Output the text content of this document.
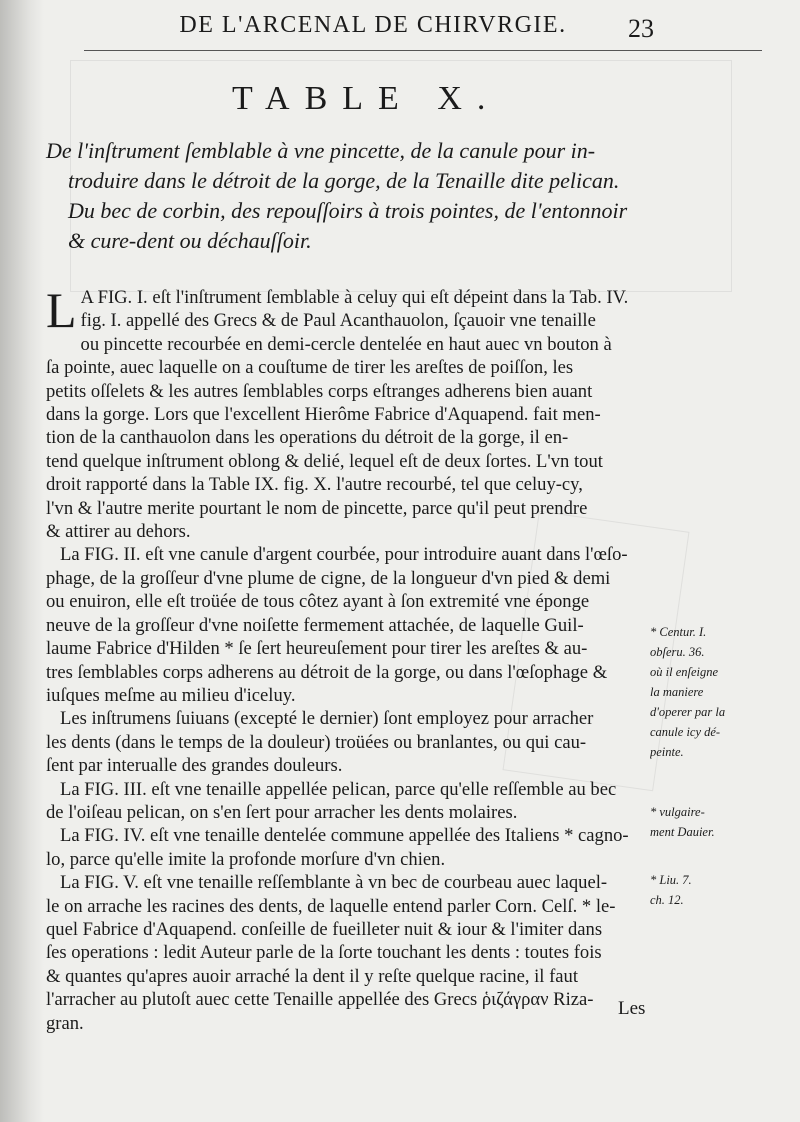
DE L'ARCENAL DE CHIRVRGIE.	23
TABLE X.

De l'inſtrument ſemblable à vne pincette, de la canule pour in-
troduire dans le détroit de la gorge, de la Tenaille dite pelican.
Du bec de corbin, des repouſſoirs à trois pointes, de l'entonnoir
& cure-dent ou déchauſſoir.

L A FIG. I. eſt l'inſtrument ſemblable à celuy qui eſt dépeint dans la Tab. IV.
fig. I. appellé des Grecs & de Paul Acanthauolon, ſçauoir vne tenaille
ou pincette recourbée en demi-cercle dentelée en haut auec vn bouton à
ſa pointe, auec laquelle on a couſtume de tirer les areſtes de poiſſon, les
petits oſſelets & les autres ſemblables corps eſtranges adherens bien auant
dans la gorge. Lors que l'excellent Hierôme Fabrice d'Aquapend. fait men-
tion de la canthauolon dans les operations du détroit de la gorge, il en-
tend quelque inſtrument oblong & delié, lequel eſt de deux ſortes. L'vn tout
droit rapporté dans la Table IX. fig. X. l'autre recourbé, tel que celuy-cy,
l'vn & l'autre merite pourtant le nom de pincette, parce qu'il peut prendre
& attirer au dehors.
La FIG. II. eſt vne canule d'argent courbée, pour introduire auant dans l'œſo-
phage, de la groſſeur d'vne plume de cigne, de la longueur d'vn pied & demi
ou enuiron, elle eſt troüée de tous côtez ayant à ſon extremité vne éponge
neuve de la groſſeur d'vne noiſette fermement attachée, de laquelle Guil-
laume Fabrice d'Hilden * ſe ſert heureuſement pour tirer les areſtes & au-
tres ſemblables corps adherens au détroit de la gorge, ou dans l'œſophage &
iuſques meſme au milieu d'iceluy.
Les inſtrumens ſuiuans (excepté le dernier) ſont employez pour arracher
les dents (dans le temps de la douleur) troüées ou branlantes, ou qui cau-
ſent par interualle des grandes douleurs.
La FIG. III. eſt vne tenaille appellée pelican, parce qu'elle reſſemble au bec
de l'oiſeau pelican, on s'en ſert pour arracher les dents molaires.
La FIG. IV. eſt vne tenaille dentelée commune appellée des Italiens * cagno-
lo, parce qu'elle imite la profonde morſure d'vn chien.
La FIG. V. eſt vne tenaille reſſemblante à vn bec de courbeau auec laquel-
le on arrache les racines des dents, de laquelle entend parler Corn. Celſ. * le-
quel Fabrice d'Aquapend. conſeille de fueilleter nuit & iour & l'imiter dans
ſes operations : ledit Auteur parle de la ſorte touchant les dents : toutes fois
& quantes qu'apres auoir arraché la dent il y reſte quelque racine, il faut
l'arracher au plutoſt auec cette Tenaille appellée des Grecs ῥιζάγραν Riza-
gran.

* Centur. I.
obſeru. 36.
où il enſeigne
la maniere
d'operer par la
canule icy dé-
peinte.

* vulgaire-
ment Dauier.

* Liu. 7.
ch. 12.

Les
